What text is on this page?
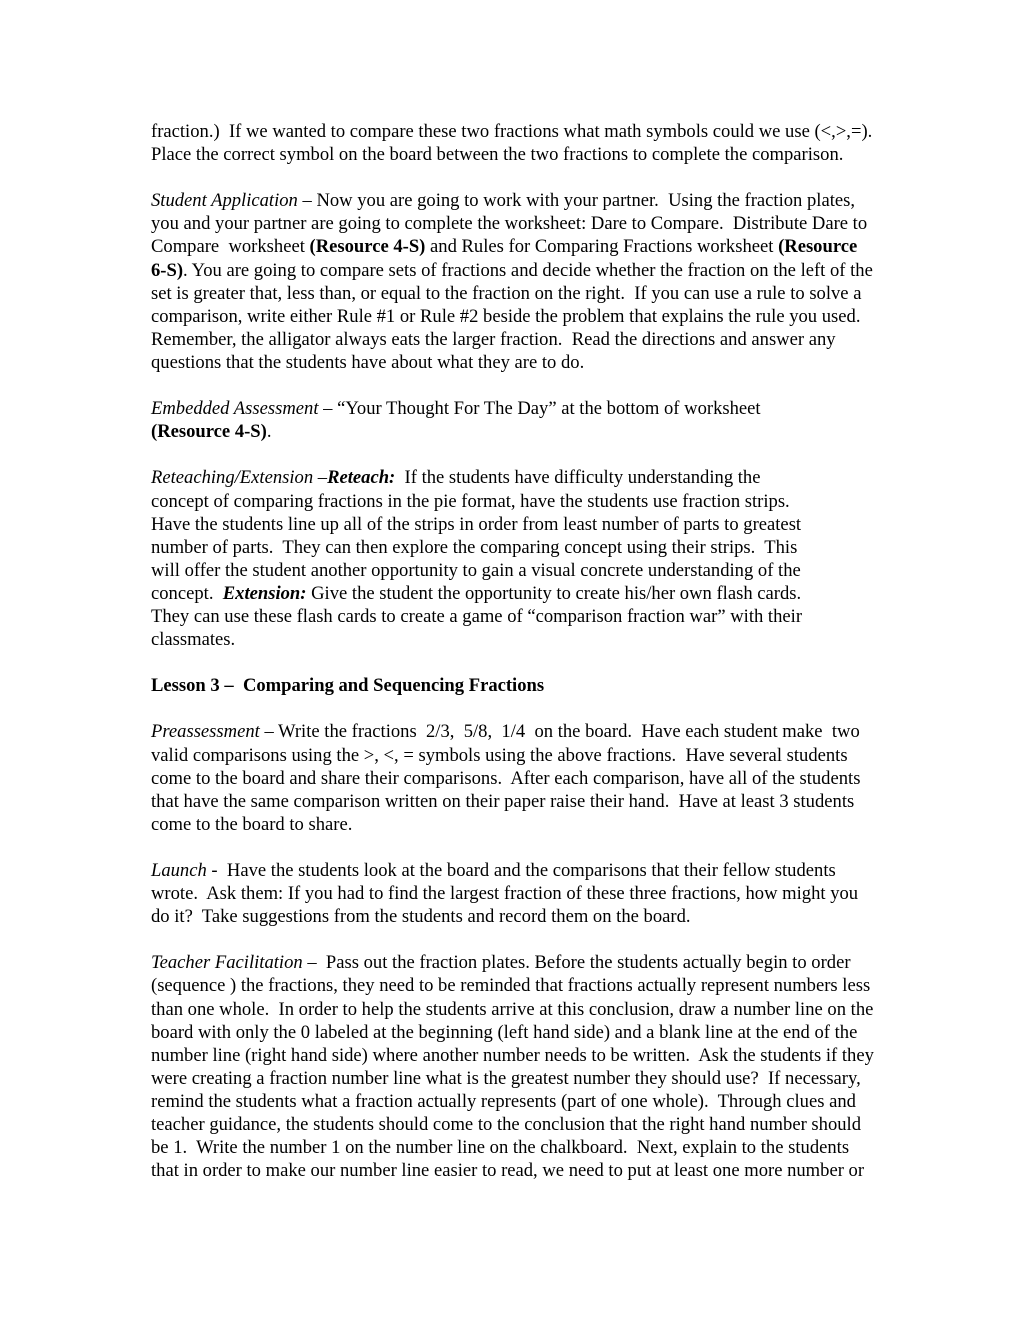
fraction.)  If we wanted to compare these two fractions what math symbols could we use (<,>,=).
Place the correct symbol on the board between the two fractions to complete the comparison.

Student Application – Now you are going to work with your partner.  Using the fraction plates,
you and your partner are going to complete the worksheet: Dare to Compare.  Distribute Dare to
Compare  worksheet (Resource 4-S) and Rules for Comparing Fractions worksheet (Resource
6-S). You are going to compare sets of fractions and decide whether the fraction on the left of the
set is greater that, less than, or equal to the fraction on the right.  If you can use a rule to solve a
comparison, write either Rule #1 or Rule #2 beside the problem that explains the rule you used.
Remember, the alligator always eats the larger fraction.  Read the directions and answer any
questions that the students have about what they are to do.

Embedded Assessment – “Your Thought For The Day” at the bottom of worksheet
(Resource 4-S).

Reteaching/Extension –Reteach:  If the students have difficulty understanding the
concept of comparing fractions in the pie format, have the students use fraction strips.
Have the students line up all of the strips in order from least number of parts to greatest
number of parts.  They can then explore the comparing concept using their strips.  This
will offer the student another opportunity to gain a visual concrete understanding of the
concept.  Extension: Give the student the opportunity to create his/her own flash cards.
They can use these flash cards to create a game of “comparison fraction war” with their
classmates.

Lesson 3 –  Comparing and Sequencing Fractions

Preassessment – Write the fractions  2/3,  5/8,  1/4  on the board.  Have each student make  two
valid comparisons using the >, <, = symbols using the above fractions.  Have several students
come to the board and share their comparisons.  After each comparison, have all of the students
that have the same comparison written on their paper raise their hand.  Have at least 3 students
come to the board to share.

Launch -  Have the students look at the board and the comparisons that their fellow students
wrote.  Ask them: If you had to find the largest fraction of these three fractions, how might you
do it?  Take suggestions from the students and record them on the board.

Teacher Facilitation –  Pass out the fraction plates. Before the students actually begin to order
(sequence ) the fractions, they need to be reminded that fractions actually represent numbers less
than one whole.  In order to help the students arrive at this conclusion, draw a number line on the
board with only the 0 labeled at the beginning (left hand side) and a blank line at the end of the
number line (right hand side) where another number needs to be written.  Ask the students if they
were creating a fraction number line what is the greatest number they should use?  If necessary,
remind the students what a fraction actually represents (part of one whole).  Through clues and
teacher guidance, the students should come to the conclusion that the right hand number should
be 1.  Write the number 1 on the number line on the chalkboard.  Next, explain to the students
that in order to make our number line easier to read, we need to put at least one more number or
